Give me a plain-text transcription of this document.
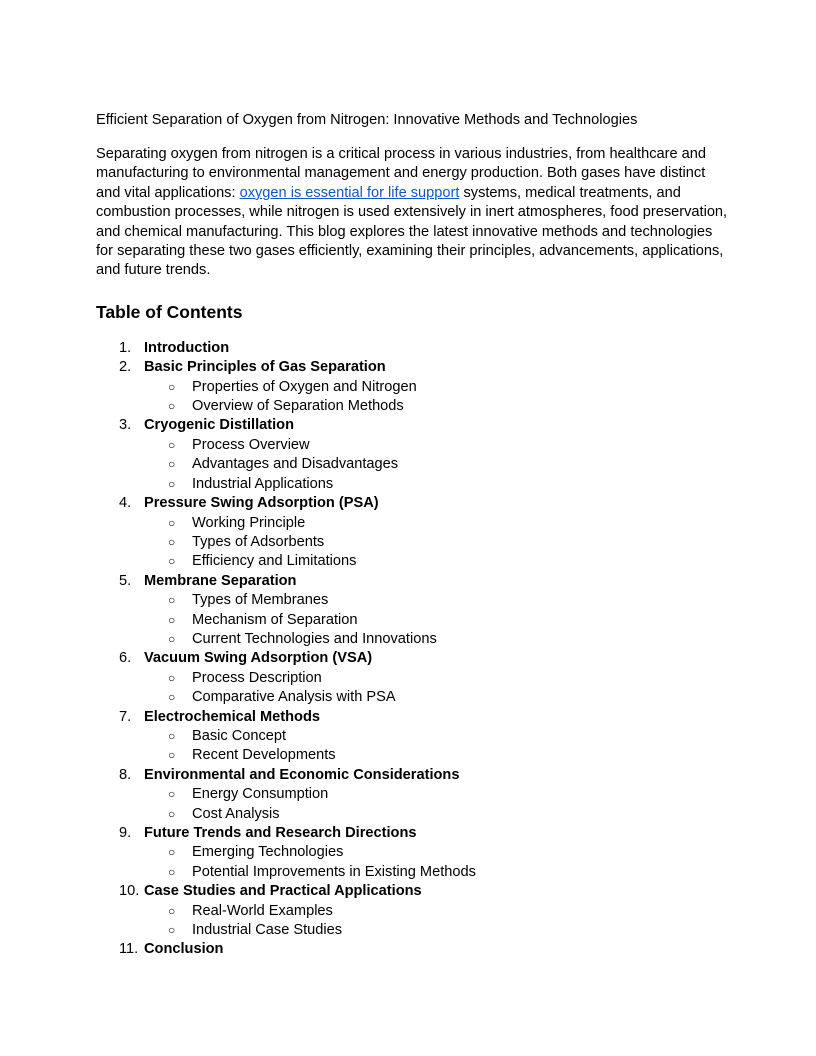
Efficient Separation of Oxygen from Nitrogen: Innovative Methods and Technologies

Separating oxygen from nitrogen is a critical process in various industries, from healthcare and manufacturing to environmental management and energy production. Both gases have distinct and vital applications: oxygen is essential for life support systems, medical treatments, and combustion processes, while nitrogen is used extensively in inert atmospheres, food preservation, and chemical manufacturing. This blog explores the latest innovative methods and technologies for separating these two gases efficiently, examining their principles, advancements, applications, and future trends.

Table of Contents
1. Introduction
2. Basic Principles of Gas Separation
○	Properties of Oxygen and Nitrogen
○	Overview of Separation Methods
3. Cryogenic Distillation
○	Process Overview
○	Advantages and Disadvantages
○	Industrial Applications
4. Pressure Swing Adsorption (PSA)
○	Working Principle
○	Types of Adsorbents
○	Efficiency and Limitations
5. Membrane Separation
○	Types of Membranes
○	Mechanism of Separation
○	Current Technologies and Innovations
6. Vacuum Swing Adsorption (VSA)
○	Process Description
○	Comparative Analysis with PSA
7. Electrochemical Methods
○	Basic Concept
○	Recent Developments
8. Environmental and Economic Considerations
○	Energy Consumption
○	Cost Analysis
9. Future Trends and Research Directions
○	Emerging Technologies
○	Potential Improvements in Existing Methods
10. Case Studies and Practical Applications
○	Real-World Examples
○	Industrial Case Studies
11. Conclusion
